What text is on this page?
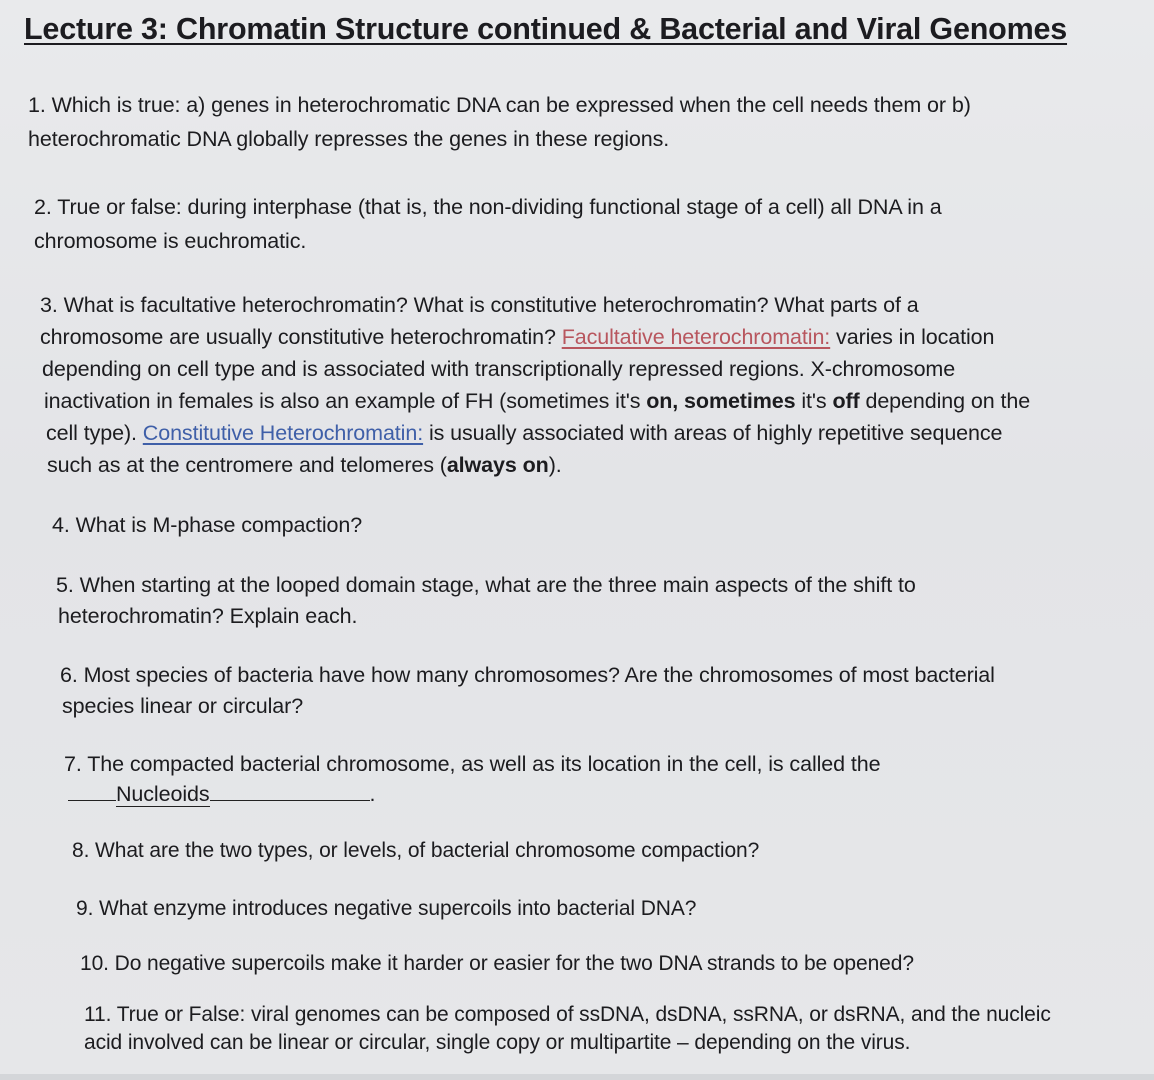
Lecture 3: Chromatin Structure continued & Bacterial and Viral Genomes
1. Which is true: a) genes in heterochromatic DNA can be expressed when the cell needs them or b)
heterochromatic DNA globally represses the genes in these regions.
2. True or false: during interphase (that is, the non-dividing functional stage of a cell) all DNA in a
chromosome is euchromatic.
3. What is facultative heterochromatin? What is constitutive heterochromatin? What parts of a
chromosome are usually constitutive heterochromatin? Facultative heterochromatin: varies in location
depending on cell type and is associated with transcriptionally repressed regions. X-chromosome
inactivation in females is also an example of FH (sometimes it's on, sometimes it's off depending on the
cell type). Constitutive Heterochromatin: is usually associated with areas of highly repetitive sequence
such as at the centromere and telomeres (always on).
4. What is M-phase compaction?
5. When starting at the looped domain stage, what are the three main aspects of the shift to
heterochromatin? Explain each.
6. Most species of bacteria have how many chromosomes? Are the chromosomes of most bacterial
species linear or circular?
7. The compacted bacterial chromosome, as well as its location in the cell, is called the
Nucleoids	.
8. What are the two types, or levels, of bacterial chromosome compaction?
9. What enzyme introduces negative supercoils into bacterial DNA?
10. Do negative supercoils make it harder or easier for the two DNA strands to be opened?
11. True or False: viral genomes can be composed of ssDNA, dsDNA, ssRNA, or dsRNA, and the nucleic
acid involved can be linear or circular, single copy or multipartite – depending on the virus.
